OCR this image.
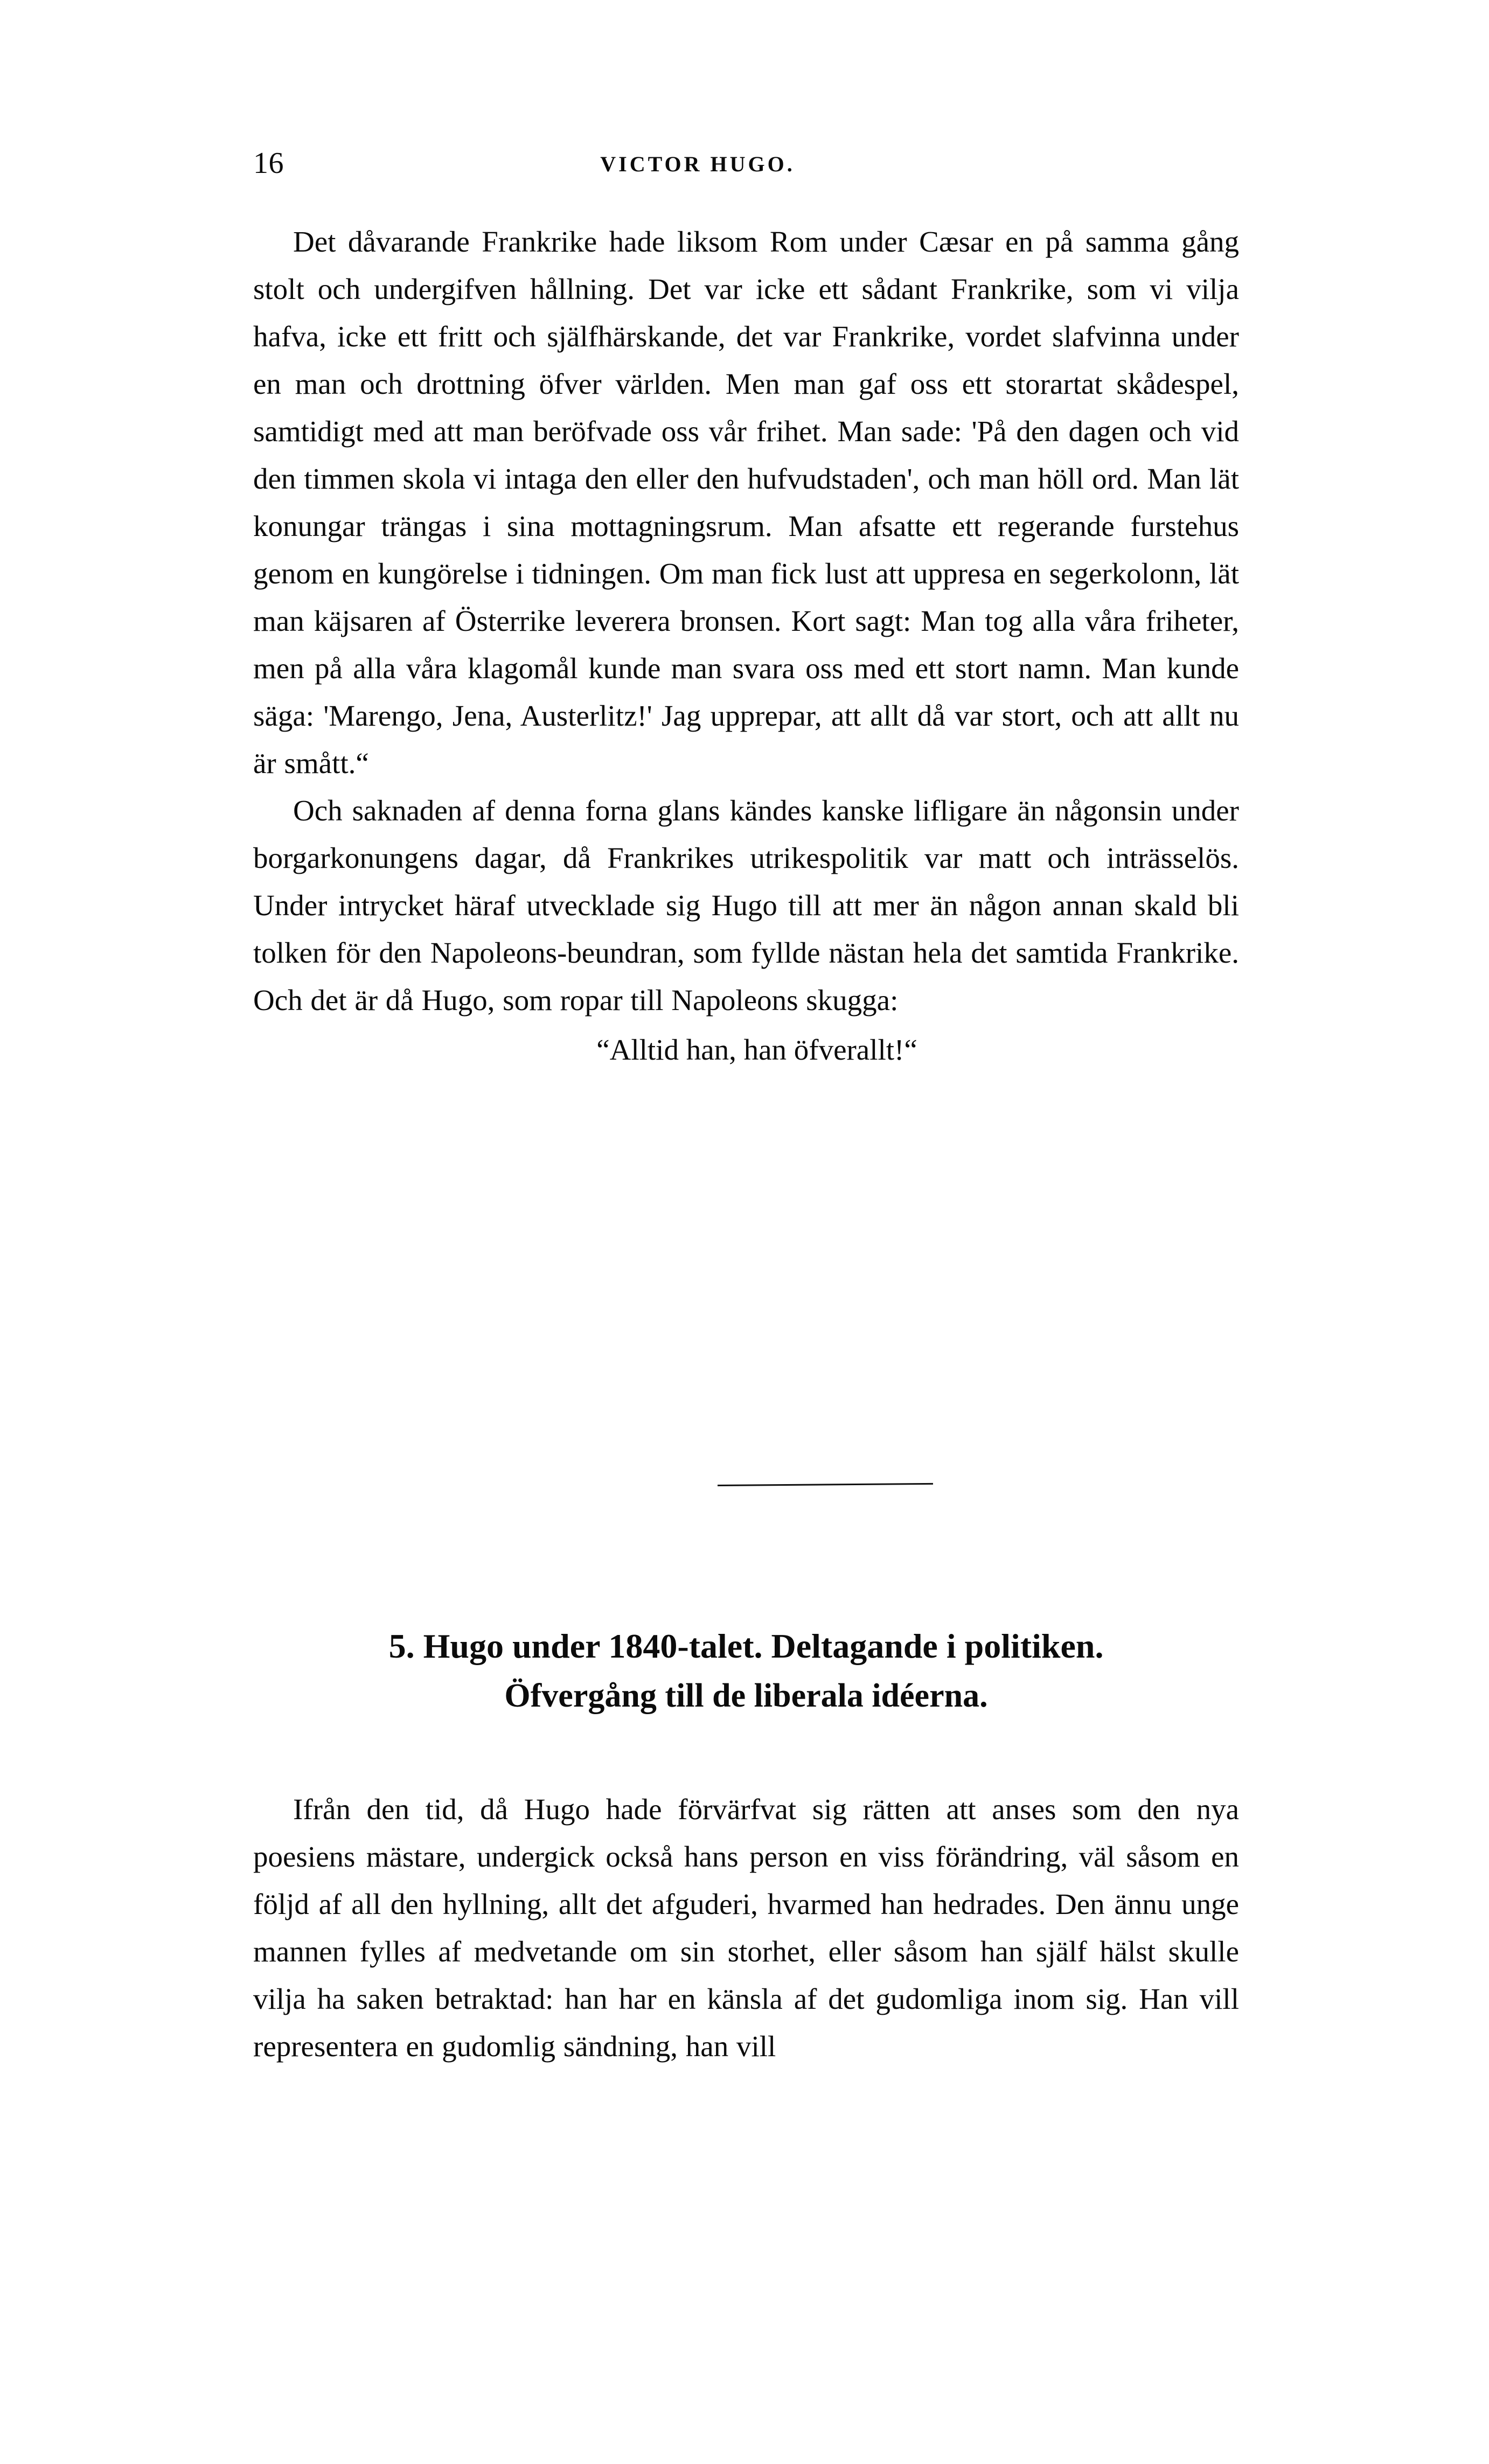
16	VICTOR HUGO.

Det dåvarande Frankrike hade liksom Rom under Cæsar en på samma gång stolt och undergifven hållning. Det var icke ett sådant Frankrike, som vi vilja hafva, icke ett fritt och själfhärskande, det var Frankrike, vordet slafvinna under en man och drottning öfver världen. Men man gaf oss ett storartat skådespel, samtidigt med att man beröfvade oss vår frihet. Man sade: 'På den dagen och vid den timmen skola vi intaga den eller den hufvudstaden', och man höll ord. Man lät konungar trängas i sina mottagningsrum. Man afsatte ett regerande furstehus genom en kungörelse i tidningen. Om man fick lust att uppresa en segerkolonn, lät man käjsaren af Österrike leverera bronsen. Kort sagt: Man tog alla våra friheter, men på alla våra klagomål kunde man svara oss med ett stort namn. Man kunde säga: 'Marengo, Jena, Austerlitz!' Jag upprepar, att allt då var stort, och att allt nu är smått.“

Och saknaden af denna forna glans kändes kanske lifligare än någonsin under borgarkonungens dagar, då Frankrikes utrikespolitik var matt och inträsselös. Under intrycket häraf utvecklade sig Hugo till att mer än någon annan skald bli tolken för den Napoleons-beundran, som fyllde nästan hela det samtida Frankrike. Och det är då Hugo, som ropar till Napoleons skugga:

“Alltid han, han öfverallt!“

5. Hugo under 1840-talet. Deltagande i politiken.
Öfvergång till de liberala idéerna.

Ifrån den tid, då Hugo hade förvärfvat sig rätten att anses som den nya poesiens mästare, undergick också hans person en viss förändring, väl såsom en följd af all den hyllning, allt det afguderi, hvarmed han hedrades. Den ännu unge mannen fylles af medvetande om sin storhet, eller såsom han själf hälst skulle vilja ha saken betraktad: han har en känsla af det gudomliga inom sig. Han vill representera en gudomlig sändning, han vill
